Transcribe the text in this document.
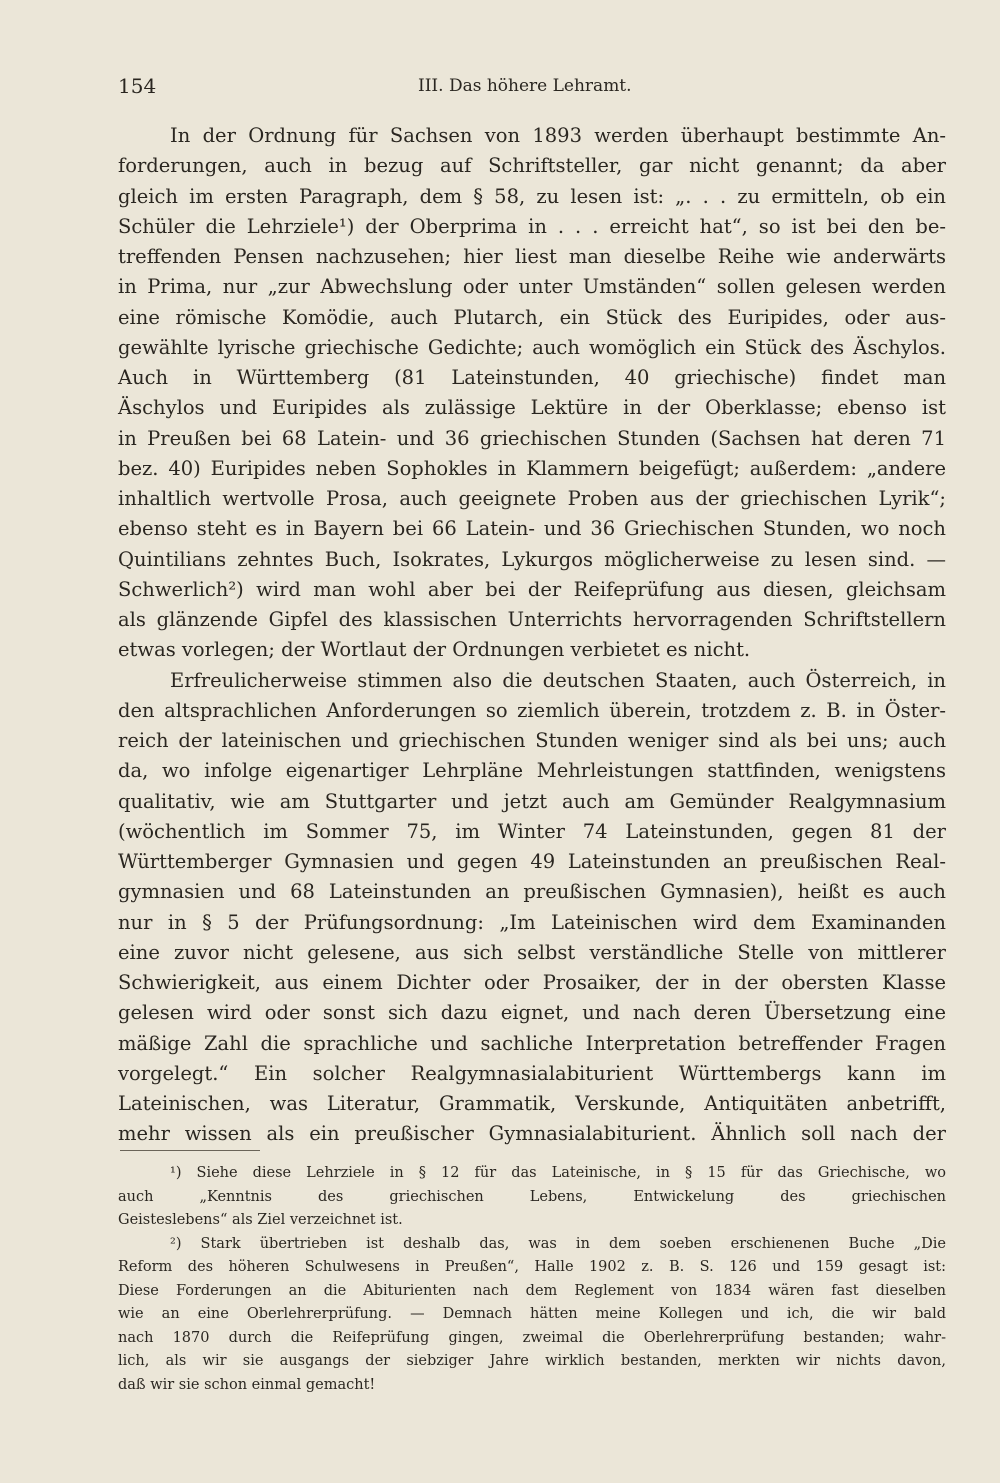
154	III. Das höhere Lehramt.
In der Ordnung für Sachsen von 1893 werden überhaupt bestimmte An-
forderungen, auch in bezug auf Schriftsteller, gar nicht genannt; da aber
gleich im ersten Paragraph, dem § 58, zu lesen ist: „. . . zu ermitteln, ob ein
Schüler die Lehrziele¹) der Oberprima in . . . erreicht hat“, so ist bei den be-
treffenden Pensen nachzusehen; hier liest man dieselbe Reihe wie anderwärts
in Prima, nur „zur Abwechslung oder unter Umständen“ sollen gelesen werden
eine römische Komödie, auch Plutarch, ein Stück des Euripides, oder aus-
gewählte lyrische griechische Gedichte; auch womöglich ein Stück des Äschylos.
Auch in Württemberg (81 Lateinstunden, 40 griechische) findet man
Äschylos und Euripides als zulässige Lektüre in der Oberklasse; ebenso ist
in Preußen bei 68 Latein- und 36 griechischen Stunden (Sachsen hat deren 71
bez. 40) Euripides neben Sophokles in Klammern beigefügt; außerdem: „andere
inhaltlich wertvolle Prosa, auch geeignete Proben aus der griechischen Lyrik“;
ebenso steht es in Bayern bei 66 Latein- und 36 Griechischen Stunden, wo noch
Quintilians zehntes Buch, Isokrates, Lykurgos möglicherweise zu lesen sind. —
Schwerlich²) wird man wohl aber bei der Reifeprüfung aus diesen, gleichsam
als glänzende Gipfel des klassischen Unterrichts hervorragenden Schriftstellern
etwas vorlegen; der Wortlaut der Ordnungen verbietet es nicht.
Erfreulicherweise stimmen also die deutschen Staaten, auch Österreich, in
den altsprachlichen Anforderungen so ziemlich überein, trotzdem z. B. in Öster-
reich der lateinischen und griechischen Stunden weniger sind als bei uns; auch
da, wo infolge eigenartiger Lehrpläne Mehrleistungen stattfinden, wenigstens
qualitativ, wie am Stuttgarter und jetzt auch am Gemünder Realgymnasium
(wöchentlich im Sommer 75, im Winter 74 Lateinstunden, gegen 81 der
Württemberger Gymnasien und gegen 49 Lateinstunden an preußischen Real-
gymnasien und 68 Lateinstunden an preußischen Gymnasien), heißt es auch
nur in § 5 der Prüfungsordnung: „Im Lateinischen wird dem Examinanden
eine zuvor nicht gelesene, aus sich selbst verständliche Stelle von mittlerer
Schwierigkeit, aus einem Dichter oder Prosaiker, der in der obersten Klasse
gelesen wird oder sonst sich dazu eignet, und nach deren Übersetzung eine
mäßige Zahl die sprachliche und sachliche Interpretation betreffender Fragen
vorgelegt.“ Ein solcher Realgymnasialabiturient Württembergs kann im
Lateinischen, was Literatur, Grammatik, Verskunde, Antiquitäten anbetrifft,
mehr wissen als ein preußischer Gymnasialabiturient. Ähnlich soll nach der
¹) Siehe diese Lehrziele in § 12 für das Lateinische, in § 15 für das Griechische, wo
auch „Kenntnis des griechischen Lebens, Entwickelung des griechischen
Geisteslebens“ als Ziel verzeichnet ist.
²) Stark übertrieben ist deshalb das, was in dem soeben erschienenen Buche „Die
Reform des höheren Schulwesens in Preußen“, Halle 1902 z. B. S. 126 und 159 gesagt ist:
Diese Forderungen an die Abiturienten nach dem Reglement von 1834 wären fast dieselben
wie an eine Oberlehrerprüfung. — Demnach hätten meine Kollegen und ich, die wir bald
nach 1870 durch die Reifeprüfung gingen, zweimal die Oberlehrerprüfung bestanden; wahr-
lich, als wir sie ausgangs der siebziger Jahre wirklich bestanden, merkten wir nichts davon,
daß wir sie schon einmal gemacht!
